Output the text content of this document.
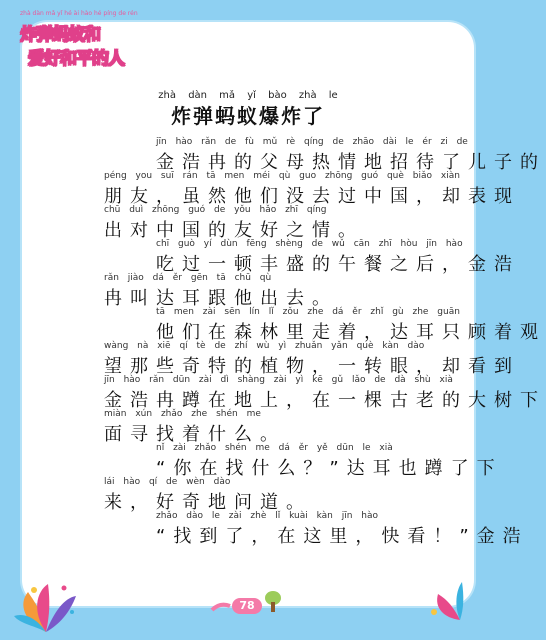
zhà dàn mǎ yǐ hé ài hào hé píng de rén
炸弹蚂蚁和
爱好和平的人
zhà dàn mǎ yǐ bào zhà le
炸弹蚂蚁爆炸了
jīn hào rǎn de fù mǔ rè qíng de zhāo dài le ér zi de
金浩冉的父母热情地招待了儿子的
péng you suī rán tā men méi qù guo zhōng guó què biǎo xiàn
朋友，虽然他们没去过中国，却表现
chū duì zhōng guó de yǒu hǎo zhī qíng
出对中国的友好之情。
chī guò yí dùn fēng shèng de wǔ cān zhī hòu jīn hào
吃过一顿丰盛的午餐之后，金浩
rǎn jiào dá ěr gēn tā chū qù
冉叫达耳跟他出去。
tā men zài sēn lín lǐ zǒu zhe dá ěr zhǐ gù zhe guān
他们在森林里走着，达耳只顾着观
wàng nà xiē qí tè de zhí wù yì zhuǎn yǎn què kàn dào
望那些奇特的植物，一转眼，却看到
jīn hào rǎn dūn zài dì shàng zài yì kē gǔ lǎo de dà shù xià
金浩冉蹲在地上，在一棵古老的大树下
miàn xún zhǎo zhe shén me
面寻找着什么。
nǐ zài zhǎo shén me dá ěr yě dūn le xià
“你在找什么？”达耳也蹲了下
lái hào qí de wèn dào
来，好奇地问道。
zhǎo dào le zài zhè lǐ kuài kàn jīn hào
“找到了，在这里，快看！”金浩
78
